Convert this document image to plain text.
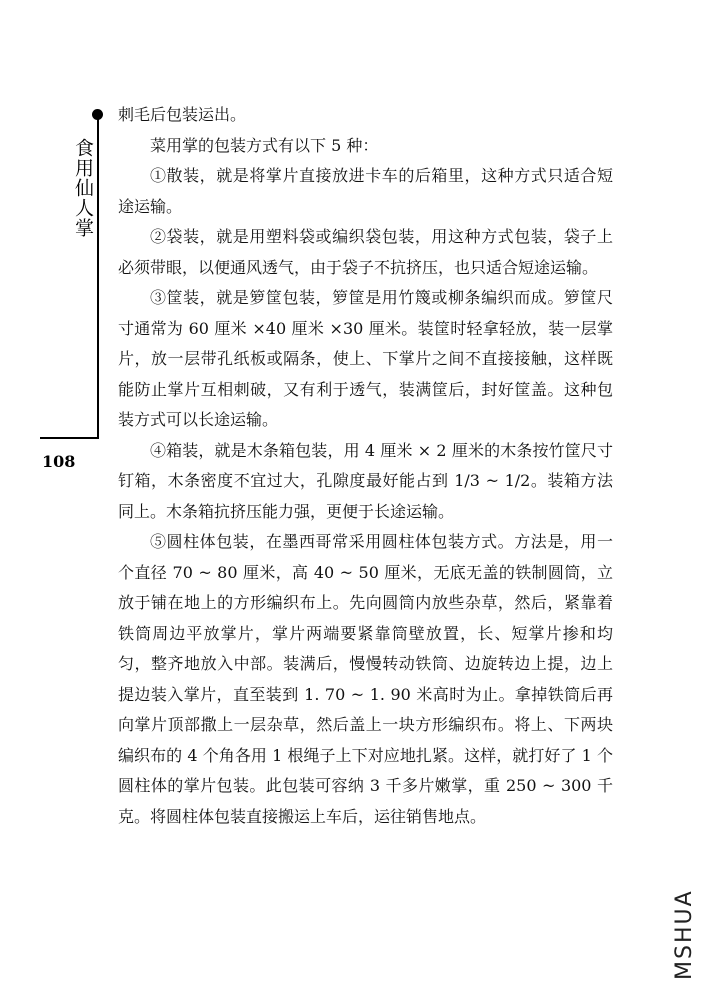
食用仙人掌
108

刺毛后包装运出。

菜用掌的包装方式有以下 5 种：

①散装，就是将掌片直接放进卡车的后箱里，这种方式只适合短途运输。

②袋装，就是用塑料袋或编织袋包装，用这种方式包装，袋子上必须带眼，以便通风透气，由于袋子不抗挤压，也只适合短途运输。

③筐装，就是箩筐包装，箩筐是用竹篾或柳条编织而成。箩筐尺寸通常为 60 厘米 ×40 厘米 ×30 厘米。装筐时轻拿轻放，装一层掌片，放一层带孔纸板或隔条，使上、下掌片之间不直接接触，这样既能防止掌片互相刺破，又有利于透气，装满筐后，封好筐盖。这种包装方式可以长途运输。

④箱装，就是木条箱包装，用 4 厘米 × 2 厘米的木条按竹筐尺寸钉箱，木条密度不宜过大，孔隙度最好能占到 1/3 ~ 1/2。装箱方法同上。木条箱抗挤压能力强，更便于长途运输。

⑤圆柱体包装，在墨西哥常采用圆柱体包装方式。方法是，用一个直径 70 ~ 80 厘米，高 40 ~ 50 厘米，无底无盖的铁制圆筒，立放于铺在地上的方形编织布上。先向圆筒内放些杂草，然后，紧靠着铁筒周边平放掌片，掌片两端要紧靠筒壁放置，长、短掌片掺和均匀，整齐地放入中部。装满后，慢慢转动铁筒、边旋转边上提，边上提边装入掌片，直至装到 1. 70 ~ 1. 90 米高时为止。拿掉铁筒后再向掌片顶部撒上一层杂草，然后盖上一块方形编织布。将上、下两块编织布的 4 个角各用 1 根绳子上下对应地扎紧。这样，就打好了 1 个圆柱体的掌片包装。此包装可容纳 3 千多片嫩掌，重 250 ~ 300 千克。将圆柱体包装直接搬运上车后，运往销售地点。

MSHUA
